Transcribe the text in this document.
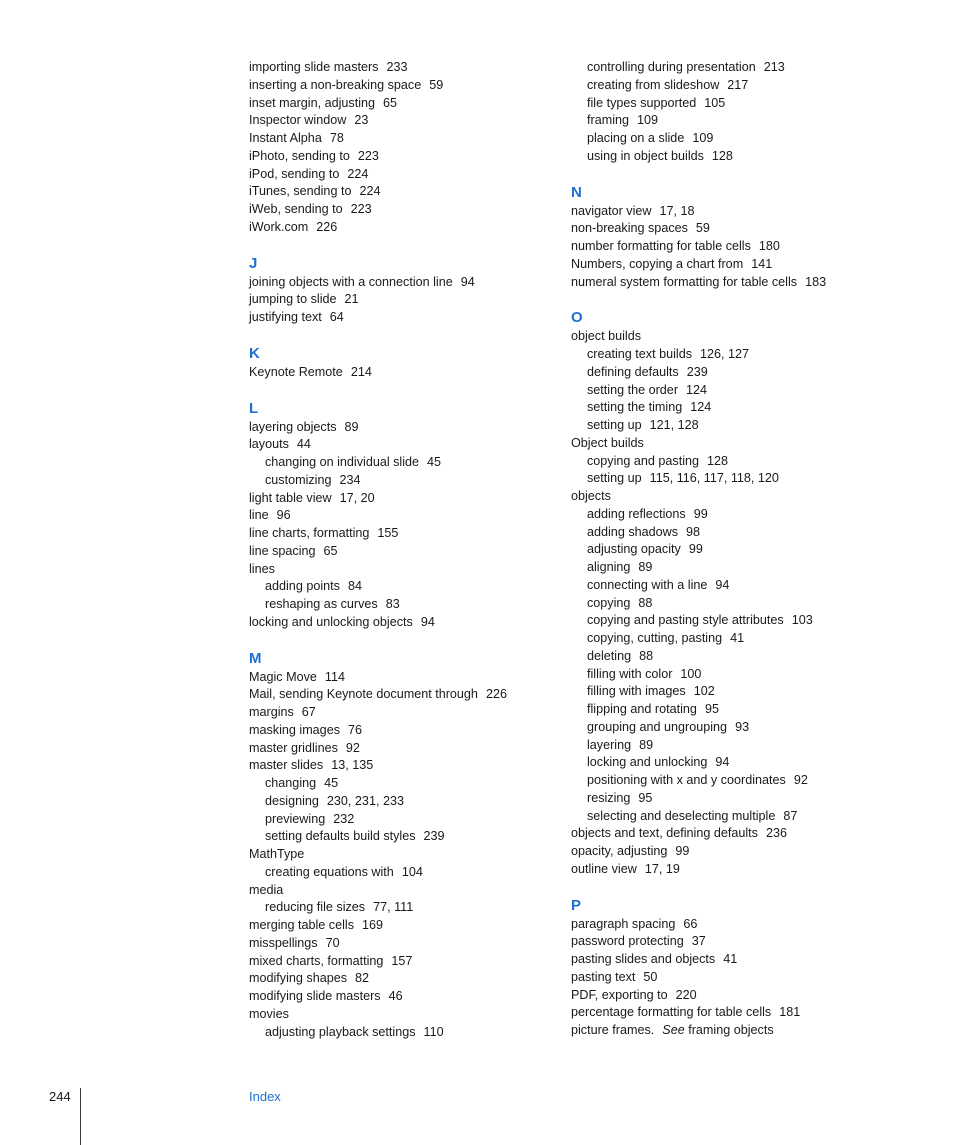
importing slide masters 233
inserting a non-breaking space 59
inset margin, adjusting 65
Inspector window 23
Instant Alpha 78
iPhoto, sending to 223
iPod, sending to 224
iTunes, sending to 224
iWeb, sending to 223
iWork.com 226
J
joining objects with a connection line 94
jumping to slide 21
justifying text 64
K
Keynote Remote 214
L
layering objects 89
layouts 44
changing on individual slide 45
customizing 234
light table view 17, 20
line 96
line charts, formatting 155
line spacing 65
lines
adding points 84
reshaping as curves 83
locking and unlocking objects 94
M
Magic Move 114
Mail, sending Keynote document through 226
margins 67
masking images 76
master gridlines 92
master slides 13, 135
changing 45
designing 230, 231, 233
previewing 232
setting defaults build styles 239
MathType
creating equations with 104
media
reducing file sizes 77, 111
merging table cells 169
misspellings 70
mixed charts, formatting 157
modifying shapes 82
modifying slide masters 46
movies
adjusting playback settings 110
controlling during presentation 213
creating from slideshow 217
file types supported 105
framing 109
placing on a slide 109
using in object builds 128
N
navigator view 17, 18
non-breaking spaces 59
number formatting for table cells 180
Numbers, copying a chart from 141
numeral system formatting for table cells 183
O
object builds
creating text builds 126, 127
defining defaults 239
setting the order 124
setting the timing 124
setting up 121, 128
Object builds
copying and pasting 128
setting up 115, 116, 117, 118, 120
objects
adding reflections 99
adding shadows 98
adjusting opacity 99
aligning 89
connecting with a line 94
copying 88
copying and pasting style attributes 103
copying, cutting, pasting 41
deleting 88
filling with color 100
filling with images 102
flipping and rotating 95
grouping and ungrouping 93
layering 89
locking and unlocking 94
positioning with x and y coordinates 92
resizing 95
selecting and deselecting multiple 87
objects and text, defining defaults 236
opacity, adjusting 99
outline view 17, 19
P
paragraph spacing 66
password protecting 37
pasting slides and objects 41
pasting text 50
PDF, exporting to 220
percentage formatting for table cells 181
picture frames. See framing objects
244	Index
